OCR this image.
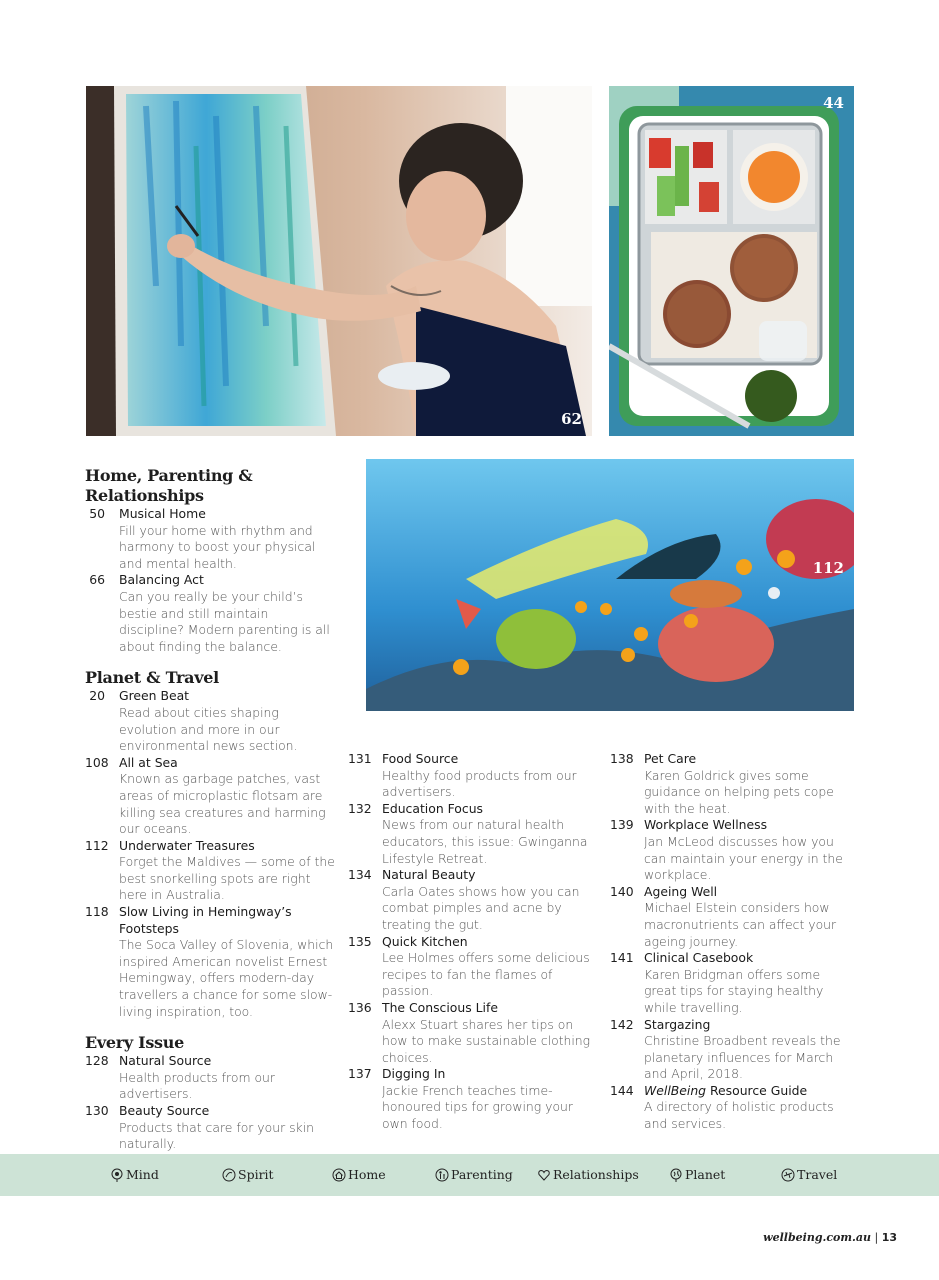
62
44
112
Home, Parenting & Relationships
50 Musical Home
Fill your home with rhythm and harmony to boost your physical and mental health.
66 Balancing Act
Can you really be your child’s bestie and still maintain discipline? Modern parenting is all about finding the balance.
Planet & Travel
20 Green Beat
Read about cities shaping evolution and more in our environmental news section.
108 All at Sea
Known as garbage patches, vast areas of microplastic flotsam are killing sea creatures and harming our oceans.
112 Underwater Treasures
Forget the Maldives — some of the best snorkelling spots are right here in Australia.
118 Slow Living in Hemingway’s Footsteps
The Soca Valley of Slovenia, which inspired American novelist Ernest Hemingway, offers modern-day travellers a chance for some slow-living inspiration, too.
Every Issue
128 Natural Source
Health products from our advertisers.
130 Beauty Source
Products that care for your skin naturally.
131 Food Source
Healthy food products from our advertisers.
132 Education Focus
News from our natural health educators, this issue: Gwinganna Lifestyle Retreat.
134 Natural Beauty
Carla Oates shows how you can combat pimples and acne by treating the gut.
135 Quick Kitchen
Lee Holmes offers some delicious recipes to fan the flames of passion.
136 The Conscious Life
Alexx Stuart shares her tips on how to make sustainable clothing choices.
137 Digging In
Jackie French teaches time-honoured tips for growing your own food.
138 Pet Care
Karen Goldrick gives some guidance on helping pets cope with the heat.
139 Workplace Wellness
Jan McLeod discusses how you can maintain your energy in the workplace.
140 Ageing Well
Michael Elstein considers how macronutrients can affect your ageing journey.
141 Clinical Casebook
Karen Bridgman offers some great tips for staying healthy while travelling.
142 Stargazing
Christine Broadbent reveals the planetary influences for March and April, 2018.
144 WellBeing Resource Guide
A directory of holistic products and services.
Mind	Spirit	Home	Parenting	Relationships	Planet	Travel
wellbeing.com.au | 13
